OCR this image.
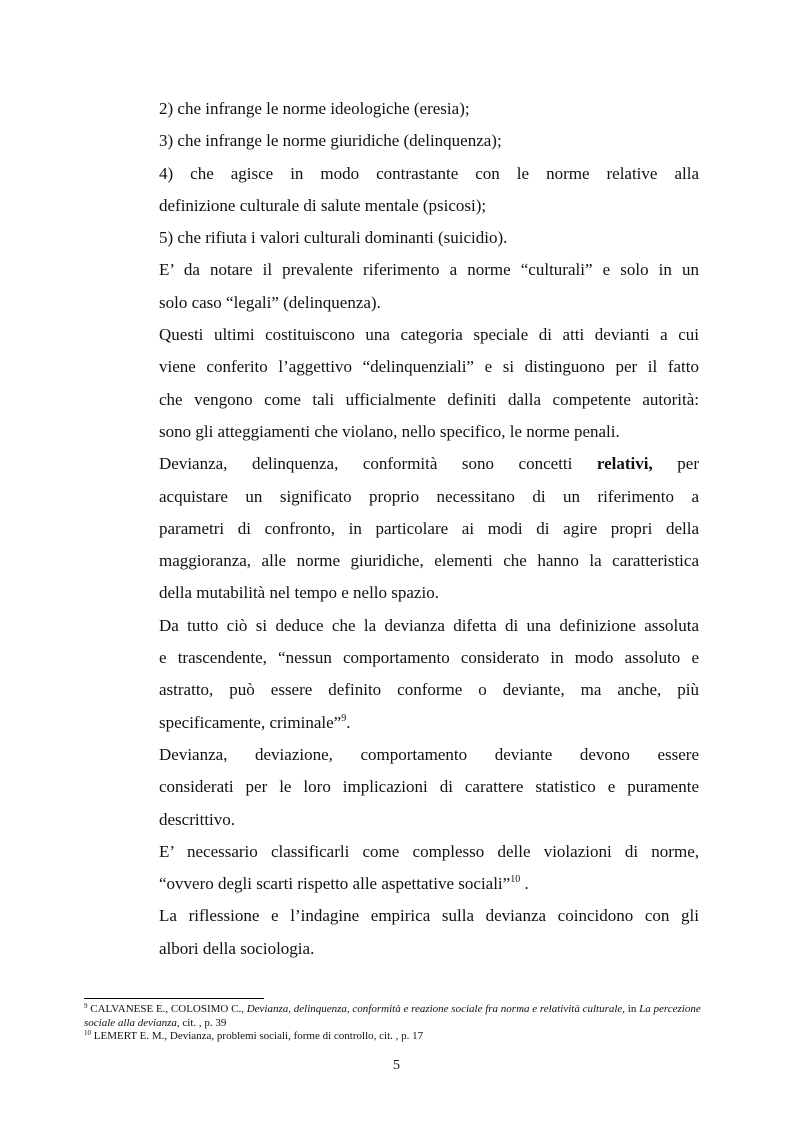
2) che infrange le norme ideologiche (eresia);
3) che infrange le norme giuridiche (delinquenza);
4) che agisce in modo contrastante con le norme relative alla
definizione culturale di salute mentale (psicosi);
5) che rifiuta i valori culturali dominanti (suicidio).
E’ da notare il prevalente riferimento a norme “culturali” e solo in un
solo caso “legali” (delinquenza).
Questi ultimi costituiscono una categoria speciale di atti devianti a cui
viene conferito l’aggettivo “delinquenziali” e si distinguono per il fatto
che vengono come tali ufficialmente definiti dalla competente autorità:
sono gli atteggiamenti che violano, nello specifico, le norme penali.
Devianza, delinquenza, conformità sono concetti relativi, per
acquistare un significato proprio necessitano di un riferimento a
parametri di confronto, in particolare ai modi di agire propri della
maggioranza, alle norme giuridiche, elementi che hanno la caratteristica
della mutabilità nel tempo e nello spazio.
Da tutto ciò si deduce che la devianza difetta di una definizione assoluta
e trascendente, “nessun comportamento considerato in modo assoluto e
astratto, può essere definito conforme o deviante, ma anche, più
specificamente, criminale”$^9$.
Devianza, deviazione, comportamento deviante devono essere
considerati per le loro implicazioni di carattere statistico e puramente
descrittivo.
E’ necessario classificarli come complesso delle violazioni di norme,
“ovvero degli scarti rispetto alle aspettative sociali”$^{10}$ .
La riflessione e l’indagine empirica sulla devianza coincidono con gli
albori della sociologia.
$^9$ CALVANESE E., COLOSIMO C., Devianza, delinquenza, conformità e reazione sociale fra norma e relatività culturale, in La percezione sociale alla devianza, cit. , p. 39
$^{10}$ LEMERT E. M., Devianza, problemi sociali, forme di controllo, cit. , p. 17
5
